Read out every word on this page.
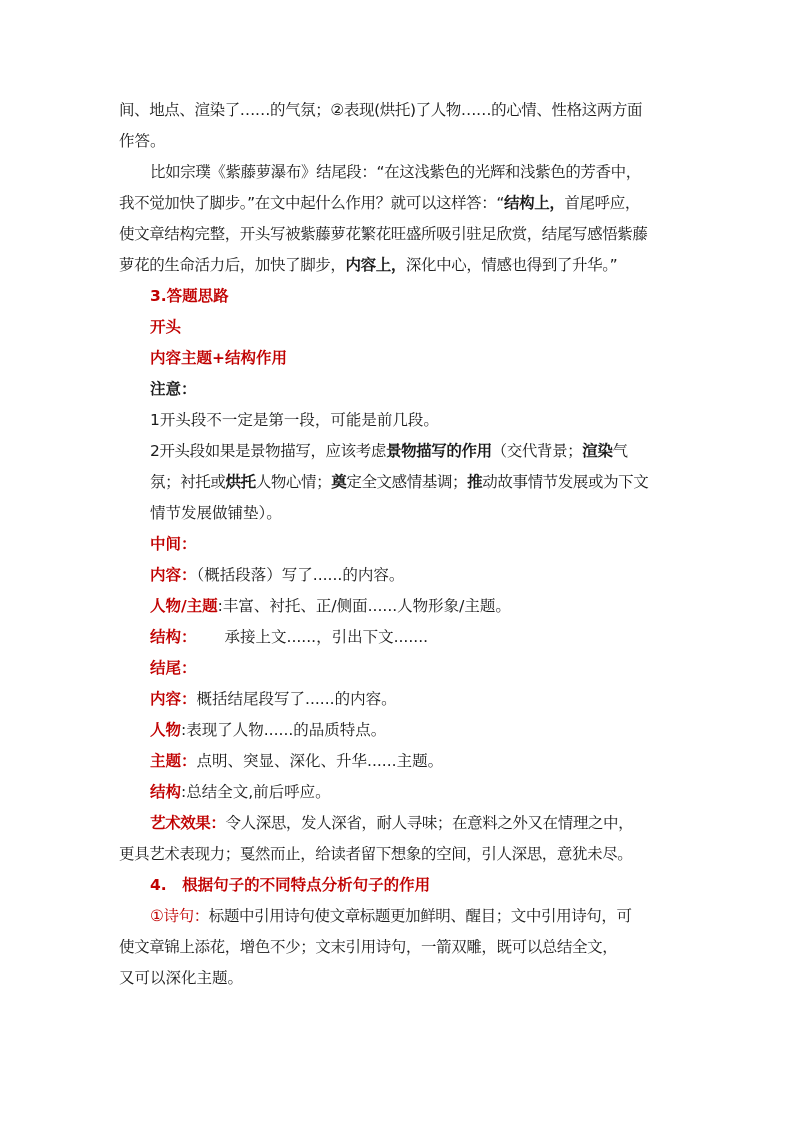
间、地点、渲染了……的气氛；②表现(烘托)了人物……的心情、性格这两方面
作答。
比如宗璞《紫藤萝瀑布》结尾段：“在这浅紫色的光辉和浅紫色的芳香中，
我不觉加快了脚步。”在文中起什么作用？就可以这样答：“结构上，首尾呼应，
使文章结构完整，开头写被紫藤萝花繁花旺盛所吸引驻足欣赏，结尾写感悟紫藤
萝花的生命活力后，加快了脚步，内容上，深化中心，情感也得到了升华。”
3.答题思路
开头
内容主题+结构作用
注意：
1开头段不一定是第一段，可能是前几段。
2开头段如果是景物描写，应该考虑景物描写的作用（交代背景；渲染气
氛；衬托或烘托人物心情；奠定全文感情基调；推动故事情节发展或为下文
情节发展做铺垫）。
中间：
内容：（概括段落）写了......的内容。
人物/主题:丰富、衬托、正/侧面......人物形象/主题。
结构： 承接上文......，引出下文.......
结尾：
内容：概括结尾段写了......的内容。
人物:表现了人物......的品质特点。
主题：点明、突显、深化、升华......主题。
结构:总结全文,前后呼应。
艺术效果：令人深思，发人深省，耐人寻味；在意料之外又在情理之中，
更具艺术表现力；戛然而止，给读者留下想象的空间，引人深思，意犹未尽。
4.　根据句子的不同特点分析句子的作用
①诗句：标题中引用诗句使文章标题更加鲜明、醒目；文中引用诗句，可
使文章锦上添花，增色不少；文末引用诗句，一箭双雕，既可以总结全文，
又可以深化主题。
